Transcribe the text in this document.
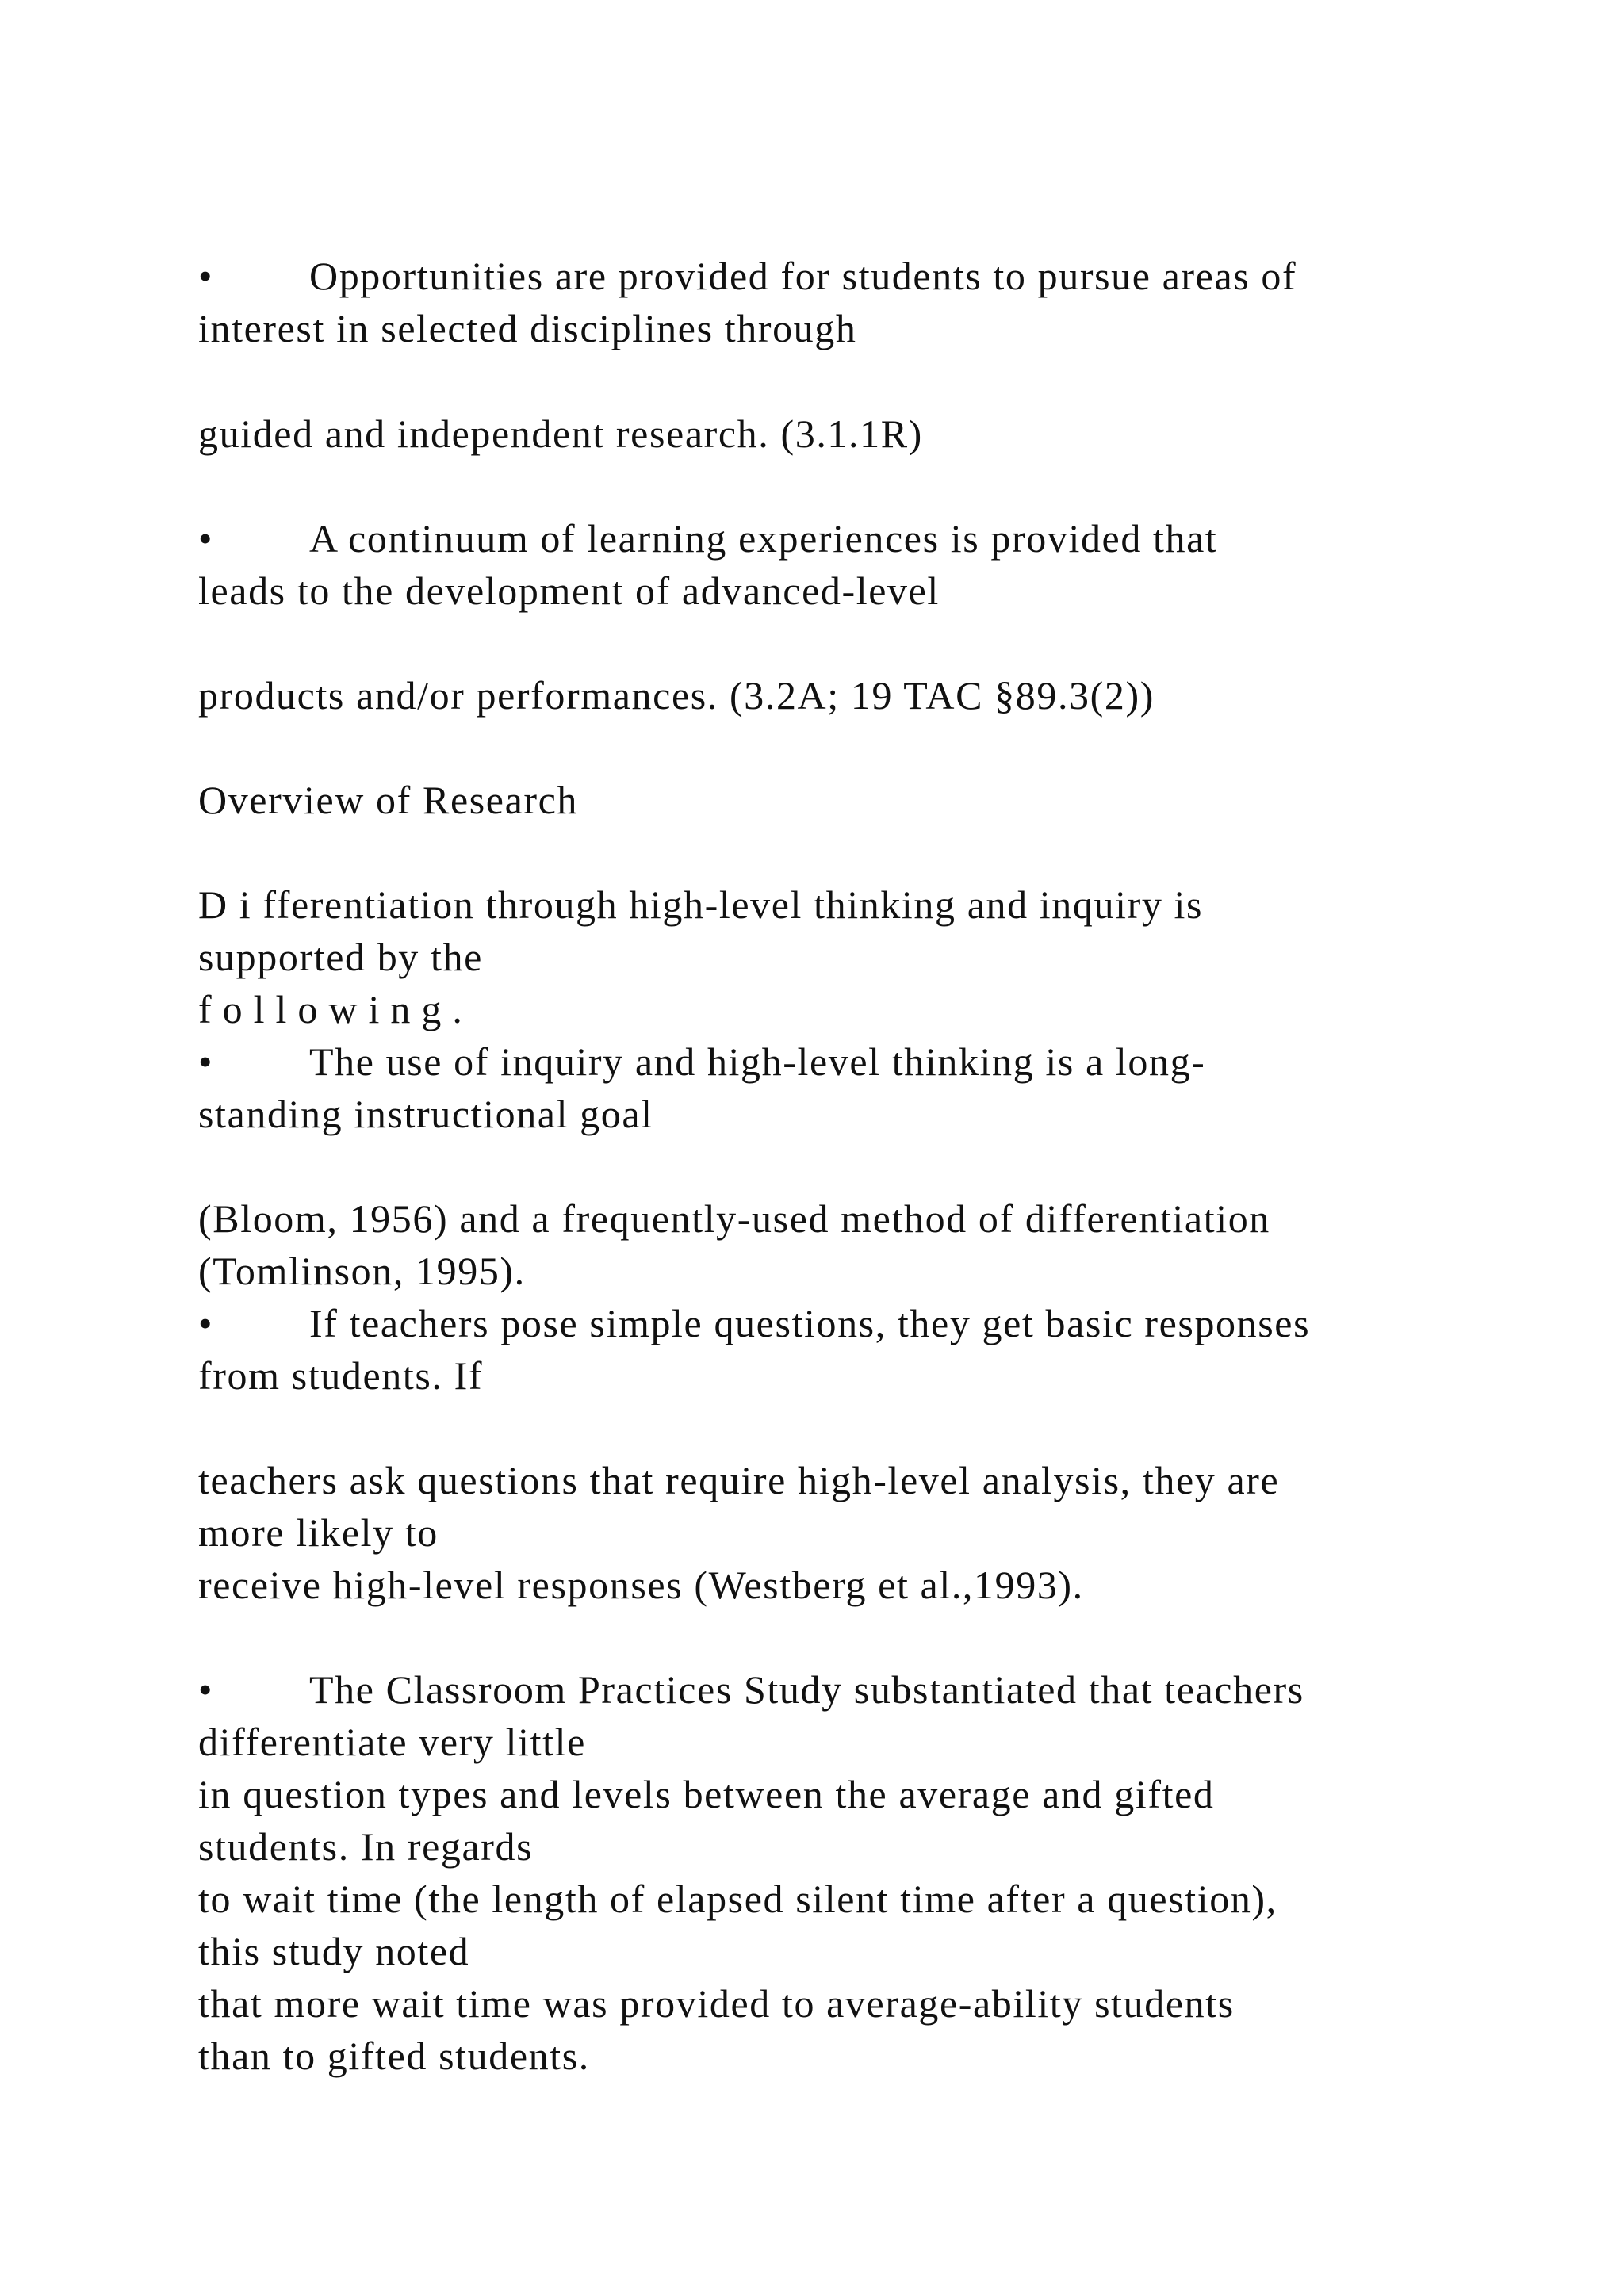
• Opportunities are provided for students to pursue areas of
interest in selected disciplines through
guided and independent research. (3.1.1R)
• A continuum of learning experiences is provided that
leads to the development of advanced-level
products and/or performances. (3.2A; 19 TAC §89.3(2))
Overview of Research
D i fferentiation through high-level thinking and inquiry is
supported by the
following.
• The use of inquiry and high-level thinking is a long-
standing instructional goal
(Bloom, 1956) and a frequently-used method of differentiation
(Tomlinson, 1995).
• If teachers pose simple questions, they get basic responses
from students. If
teachers ask questions that require high-level analysis, they are
more likely to
receive high-level responses (Westberg et al.,1993).
• The Classroom Practices Study substantiated that teachers
differentiate very little
in question types and levels between the average and gifted
students. In regards
to wait time (the length of elapsed silent time after a question),
this study noted
that more wait time was provided to average-ability students
than to gifted students.
